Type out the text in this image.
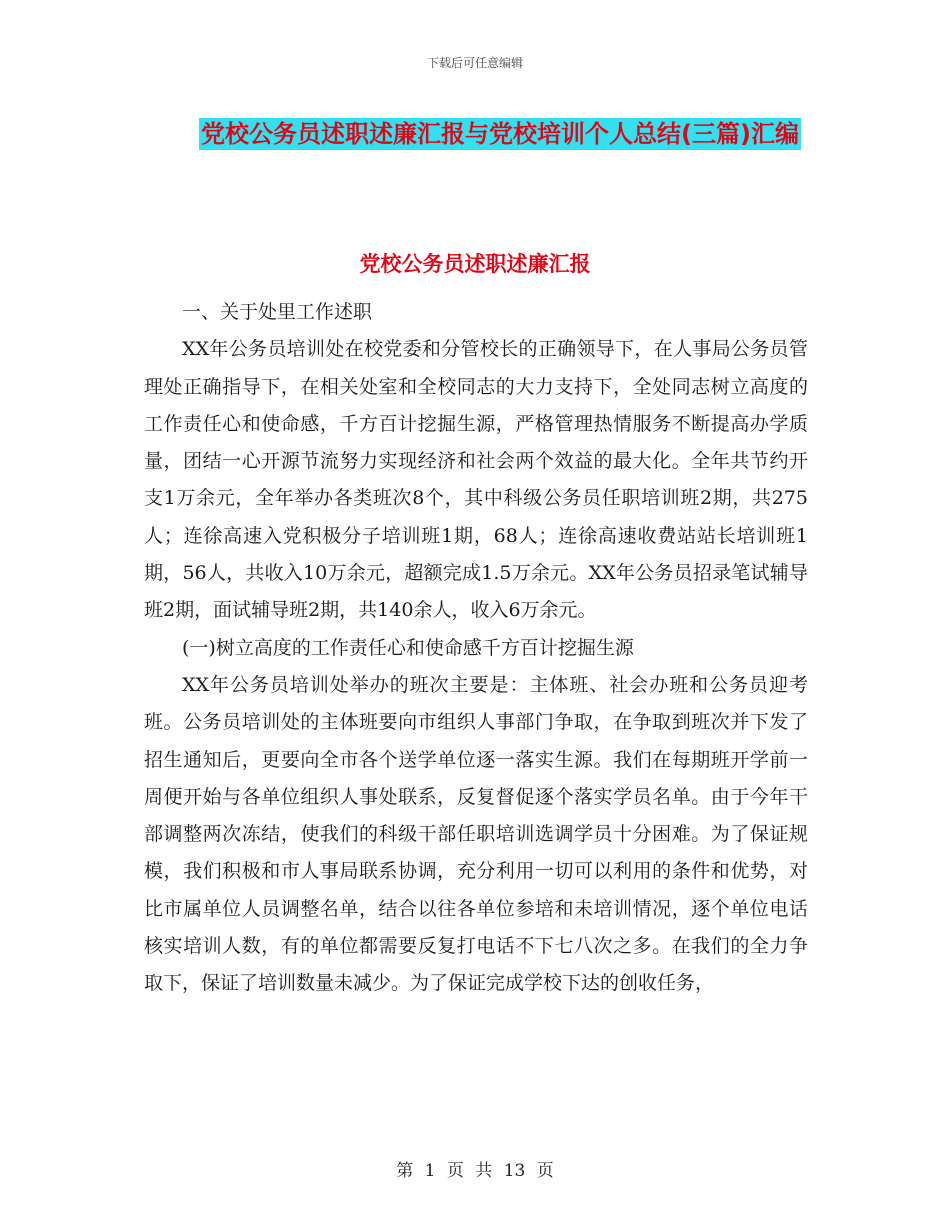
下载后可任意编辑
党校公务员述职述廉汇报与党校培训个人总结(三篇)汇编
党校公务员述职述廉汇报

一、关于处里工作述职

XX年公务员培训处在校党委和分管校长的正确领导下，在人事局公务员管理处正确指导下，在相关处室和全校同志的大力支持下，全处同志树立高度的工作责任心和使命感，千方百计挖掘生源，严格管理热情服务不断提高办学质量，团结一心开源节流努力实现经济和社会两个效益的最大化。全年共节约开支1万余元，全年举办各类班次8个，其中科级公务员任职培训班2期，共275人；连徐高速入党积极分子培训班1期，68人；连徐高速收费站站长培训班1期，56人，共收入10万余元，超额完成1.5万余元。XX年公务员招录笔试辅导班2期，面试辅导班2期，共140余人，收入6万余元。

(一)树立高度的工作责任心和使命感千方百计挖掘生源

XX年公务员培训处举办的班次主要是：主体班、社会办班和公务员迎考班。公务员培训处的主体班要向市组织人事部门争取，在争取到班次并下发了招生通知后，更要向全市各个送学单位逐一落实生源。我们在每期班开学前一周便开始与各单位组织人事处联系，反复督促逐个落实学员名单。由于今年干部调整两次冻结，使我们的科级干部任职培训选调学员十分困难。为了保证规模，我们积极和市人事局联系协调，充分利用一切可以利用的条件和优势，对比市属单位人员调整名单，结合以往各单位参培和未培训情况，逐个单位电话核实培训人数，有的单位都需要反复打电话不下七八次之多。在我们的全力争取下，保证了培训数量未减少。为了保证完成学校下达的创收任务，

第 1 页 共 13 页
